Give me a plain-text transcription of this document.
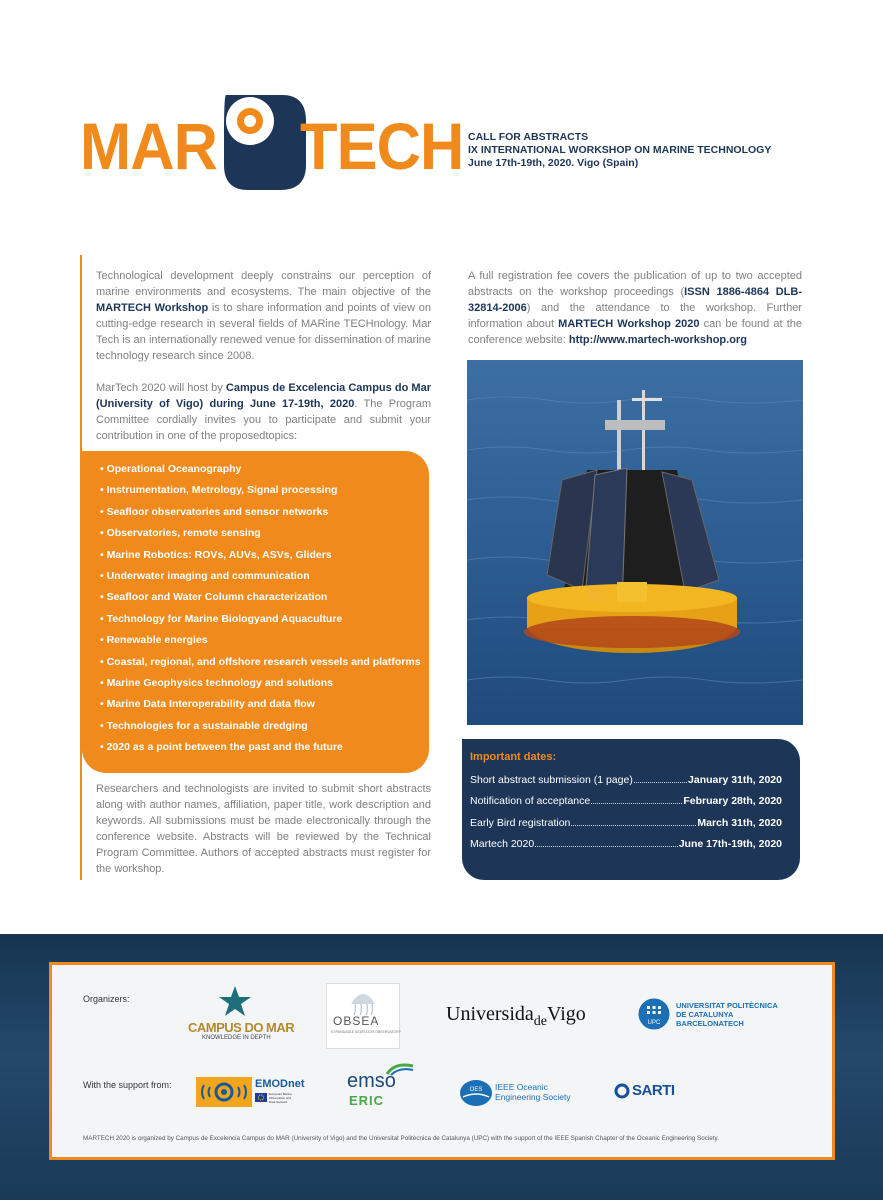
MAR TECH CALL FOR ABSTRACTS
IX INTERNATIONAL WORKSHOP ON MARINE TECHNOLOGY
June 17th-19th, 2020. Vigo (Spain)
Technological development deeply constrains our perception of marine environments and ecosystems. The main objective of the MARTECH Workshop is to share information and points of view on cutting-edge research in several fields of MARine TECHnology. Mar Tech is an internationally renewed venue for dissemination of marine technology research since 2008.
MarTech 2020 will host by Campus de Excelencia Campus do Mar (University of Vigo) during June 17-19th, 2020. The Program Committee cordially invites you to participate and submit your contribution in one of the proposedtopics:
• Operational Oceanography
• Instrumentation, Metrology, Signal processing
• Seafloor observatories and sensor networks
• Observatories, remote sensing
• Marine Robotics: ROVs, AUVs, ASVs, Gliders
• Underwater imaging and communication
• Seafloor and Water Column characterization
• Technology for Marine Biologyand Aquaculture
• Renewable energies
• Coastal, regional, and offshore research vessels and platforms
• Marine Geophysics technology and solutions
• Marine Data Interoperability and data flow
• Technologies for a sustainable dredging
• 2020 as a point between the past and the future
Researchers and technologists are invited to submit short abstracts along with author names, affiliation, paper title, work description and keywords. All submissions must be made electronically through the conference website. Abstracts will be reviewed by the Technical Program Committee. Authors of accepted abstracts must register for the workshop.
A full registration fee covers the publication of up to two accepted abstracts on the workshop proceedings (ISSN 1886-4864 DLB-32814-2006) and the attendance to the workshop. Further information about MARTECH Workshop 2020 can be found at the conference website: http://www.martech-workshop.org
Important dates:
Short abstract submission (1 page)	January 31th, 2020
Notification of acceptance	February 28th, 2020
Early Bird registration	March 31th, 2020
Martech 2020	June 17th-19th, 2020
Organizers:
With the support from:
CAMPUS DO MAR
KNOWLEDGE IN DEPTH
OBSEA
EXPANDABLE SEAFLOOR OBSERVATORY
Universida$_{de}$Vigo	UPC
UNIVERSITAT POLITÈCNICA
DE CATALUNYA
BARCELONATECH
EMODnet
European Marine Observation and Data Network
emso
ERIC
OES IEEE Oceanic
Engineering Society	SARTI
MARTECH 2020 is organized by Campus de Excelencia Campus do MAR (University of Vigo) and the Universitat Politècnica de Catalunya (UPC) with the support of the IEEE Spanish Chapter of the Oceanic Engineering Society.
